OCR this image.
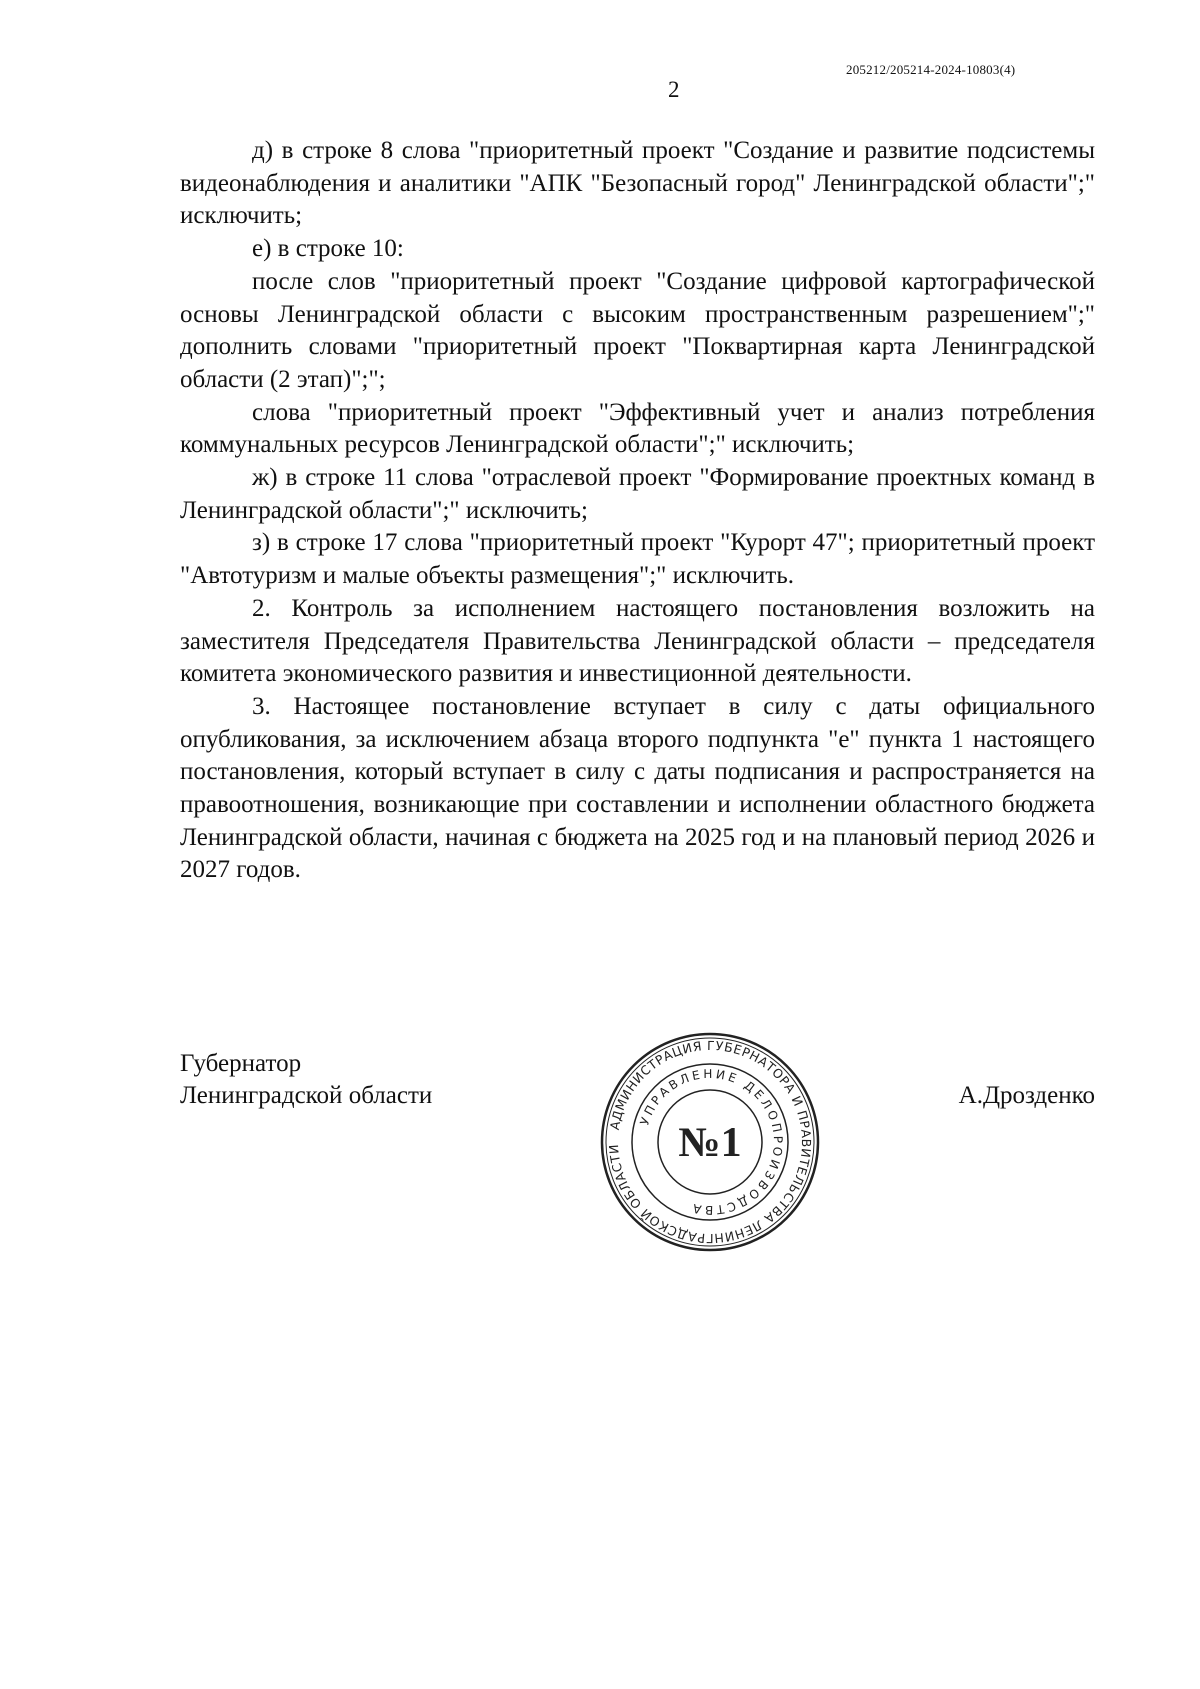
205212/205214-2024-10803(4)
2

д) в строке 8 слова "приоритетный проект "Создание и развитие подсистемы видеонаблюдения и аналитики "АПК "Безопасный город" Ленинградской области";" исключить;

е) в строке 10:

после слов "приоритетный проект "Создание цифровой картографической основы Ленинградской области с высоким пространственным разрешением";" дополнить словами "приоритетный проект "Поквартирная карта Ленинградской области (2 этап)";";

слова "приоритетный проект "Эффективный учет и анализ потребления коммунальных ресурсов Ленинградской области";" исключить;

ж) в строке 11 слова "отраслевой проект "Формирование проектных команд в Ленинградской области";" исключить;

з) в строке 17 слова "приоритетный проект "Курорт 47"; приоритетный проект "Автотуризм и малые объекты размещения";" исключить.

2. Контроль за исполнением настоящего постановления возложить на заместителя Председателя Правительства Ленинградской области – председателя комитета экономического развития и инвестиционной деятельности.

3. Настоящее постановление вступает в силу с даты официального опубликования, за исключением абзаца второго подпункта "е" пункта 1 настоящего постановления, который вступает в силу с даты подписания и распространяется на правоотношения, возникающие при составлении и исполнении областного бюджета Ленинградской области, начиная с бюджета на 2025 год и на плановый период 2026 и 2027 годов.

Губернатор
Ленинградской области
АДМИНИСТРАЦИЯ ГУБЕРНАТОРА И ПРАВИТЕЛЬСТВА ЛЕНИНГРАДСКОЙ ОБЛАСТИ
УПРАВЛЕНИЕ ДЕЛОПРОИЗВОДСТВА
№1
А.Дрозденко
